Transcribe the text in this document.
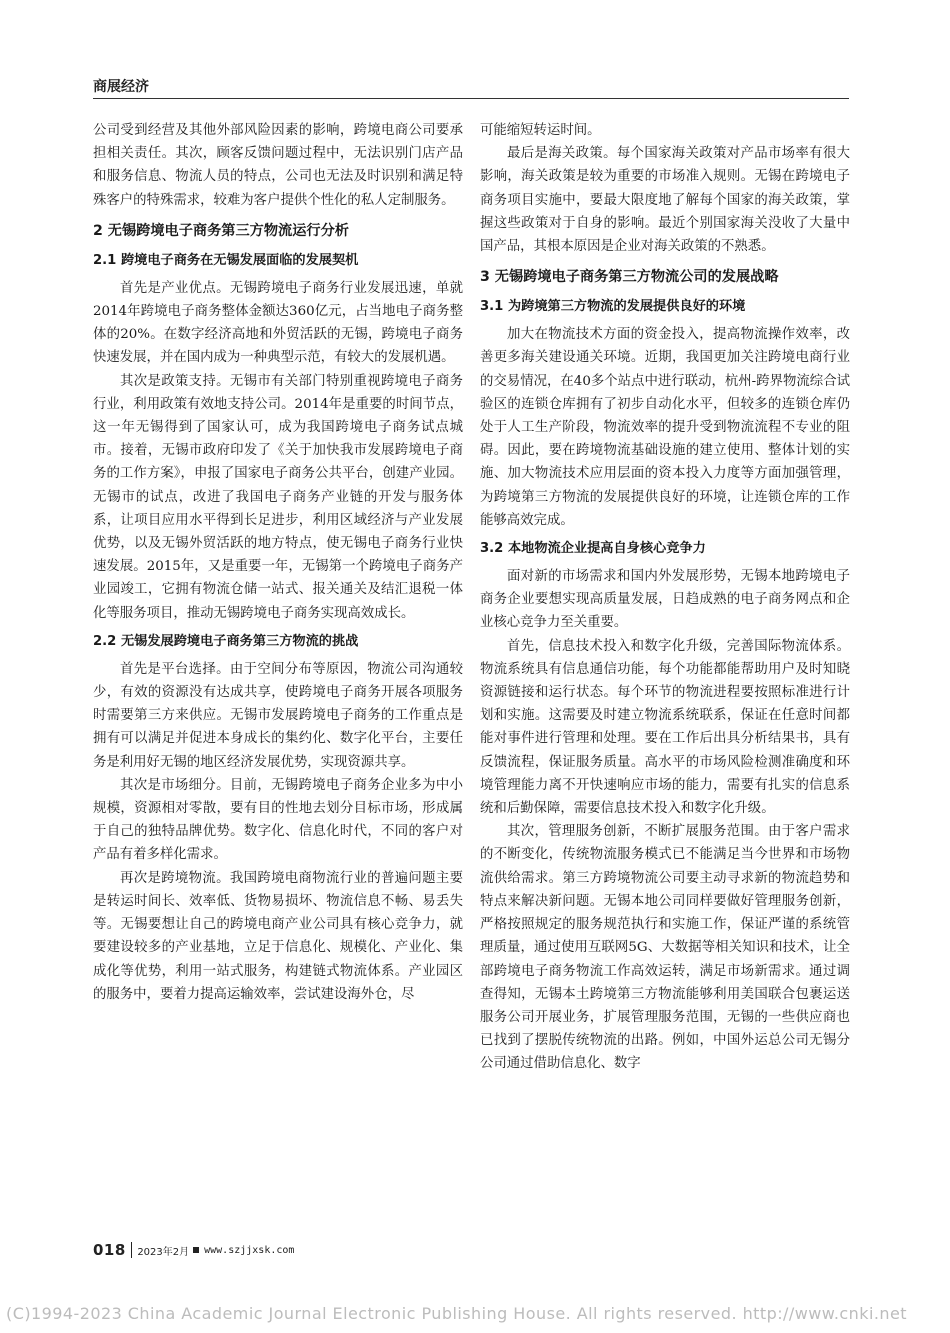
商展经济

公司受到经营及其他外部风险因素的影响，跨境电商公司要承担相关责任。其次，顾客反馈问题过程中，无法识别门店产品和服务信息、物流人员的特点，公司也无法及时识别和满足特殊客户的特殊需求，较难为客户提供个性化的私人定制服务。

2 无锡跨境电子商务第三方物流运行分析
2.1 跨境电子商务在无锡发展面临的发展契机

首先是产业优点。无锡跨境电子商务行业发展迅速，单就2014年跨境电子商务整体金额达360亿元，占当地电子商务整体的20%。在数字经济高地和外贸活跃的无锡，跨境电子商务快速发展，并在国内成为一种典型示范，有较大的发展机遇。

其次是政策支持。无锡市有关部门特别重视跨境电子商务行业，利用政策有效地支持公司。2014年是重要的时间节点，这一年无锡得到了国家认可，成为我国跨境电子商务试点城市。接着，无锡市政府印发了《关于加快我市发展跨境电子商务的工作方案》，申报了国家电子商务公共平台，创建产业园。无锡市的试点，改进了我国电子商务产业链的开发与服务体系，让项目应用水平得到长足进步，利用区域经济与产业发展优势，以及无锡外贸活跃的地方特点，使无锡电子商务行业快速发展。2015年，又是重要一年，无锡第一个跨境电子商务产业园竣工，它拥有物流仓储一站式、报关通关及结汇退税一体化等服务项目，推动无锡跨境电子商务实现高效成长。

2.2 无锡发展跨境电子商务第三方物流的挑战

首先是平台选择。由于空间分布等原因，物流公司沟通较少，有效的资源没有达成共享，使跨境电子商务开展各项服务时需要第三方来供应。无锡市发展跨境电子商务的工作重点是拥有可以满足并促进本身成长的集约化、数字化平台，主要任务是利用好无锡的地区经济发展优势，实现资源共享。

其次是市场细分。目前，无锡跨境电子商务企业多为中小规模，资源相对零散，要有目的性地去划分目标市场，形成属于自己的独特品牌优势。数字化、信息化时代，不同的客户对产品有着多样化需求。

再次是跨境物流。我国跨境电商物流行业的普遍问题主要是转运时间长、效率低、货物易损坏、物流信息不畅、易丢失等。无锡要想让自己的跨境电商产业公司具有核心竞争力，就要建设较多的产业基地，立足于信息化、规模化、产业化、集成化等优势，利用一站式服务，构建链式物流体系。产业园区的服务中，要着力提高运输效率，尝试建设海外仓，尽

可能缩短转运时间。

最后是海关政策。每个国家海关政策对产品市场率有很大影响，海关政策是较为重要的市场准入规则。无锡在跨境电子商务项目实施中，要最大限度地了解每个国家的海关政策，掌握这些政策对于自身的影响。最近个别国家海关没收了大量中国产品，其根本原因是企业对海关政策的不熟悉。

3 无锡跨境电子商务第三方物流公司的发展战略
3.1 为跨境第三方物流的发展提供良好的环境

加大在物流技术方面的资金投入，提高物流操作效率，改善更多海关建设通关环境。近期，我国更加关注跨境电商行业的交易情况，在40多个站点中进行联动，杭州-跨界物流综合试验区的连锁仓库拥有了初步自动化水平，但较多的连锁仓库仍处于人工生产阶段，物流效率的提升受到物流流程不专业的阻碍。因此，要在跨境物流基础设施的建立使用、整体计划的实施、加大物流技术应用层面的资本投入力度等方面加强管理，为跨境第三方物流的发展提供良好的环境，让连锁仓库的工作能够高效完成。

3.2 本地物流企业提高自身核心竞争力

面对新的市场需求和国内外发展形势，无锡本地跨境电子商务企业要想实现高质量发展，日趋成熟的电子商务网点和企业核心竞争力至关重要。

首先，信息技术投入和数字化升级，完善国际物流体系。物流系统具有信息通信功能，每个功能都能帮助用户及时知晓资源链接和运行状态。每个环节的物流进程要按照标准进行计划和实施。这需要及时建立物流系统联系，保证在任意时间都能对事件进行管理和处理。要在工作后出具分析结果书，具有反馈流程，保证服务质量。高水平的市场风险检测准确度和环境管理能力离不开快速响应市场的能力，需要有扎实的信息系统和后勤保障，需要信息技术投入和数字化升级。

其次，管理服务创新，不断扩展服务范围。由于客户需求的不断变化，传统物流服务模式已不能满足当今世界和市场物流供给需求。第三方跨境物流公司要主动寻求新的物流趋势和特点来解决新问题。无锡本地公司同样要做好管理服务创新，严格按照规定的服务规范执行和实施工作，保证严谨的系统管理质量，通过使用互联网5G、大数据等相关知识和技术，让全部跨境电子商务物流工作高效运转，满足市场新需求。通过调查得知，无锡本土跨境第三方物流能够利用美国联合包裹运送服务公司开展业务，扩展管理服务范围，无锡的一些供应商也已找到了摆脱传统物流的出路。例如，中国外运总公司无锡分公司通过借助信息化、数字

018 2023年2月 www.szjjxsk.com
(C)1994-2023 China Academic Journal Electronic Publishing House. All rights reserved. http://www.cnki.net
